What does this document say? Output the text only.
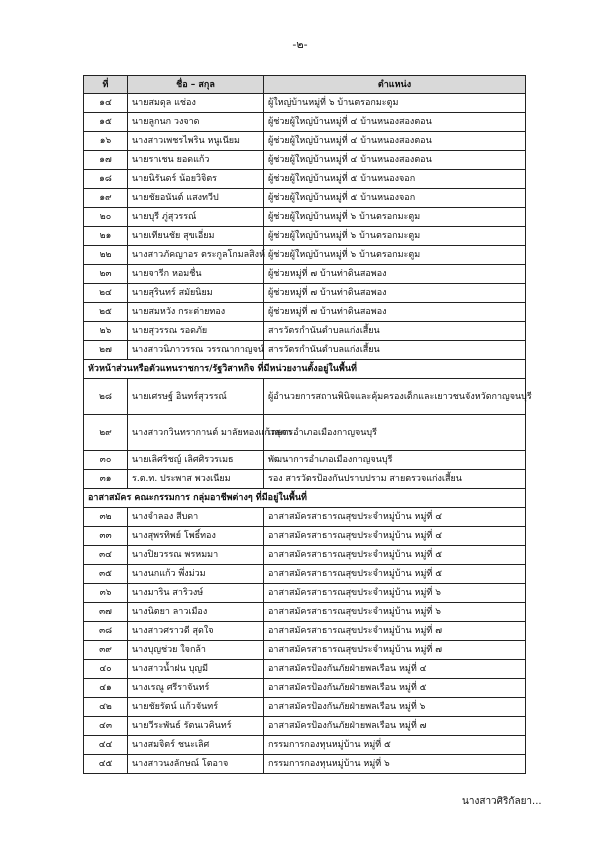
-๒-
ที่	ชื่อ – สกุล	ตำแหน่ง
๑๔	นายสมดุล แช่อง	ผู้ใหญ่บ้านหมู่ที่ ๖ บ้านตรอกมะตูม
๑๕	นายลูกนก วงจาด	ผู้ช่วยผู้ใหญ่บ้านหมู่ที่ ๔ บ้านหนองสองตอน
๑๖	นางสาวเพชรไพริน หนูเนียม	ผู้ช่วยผู้ใหญ่บ้านหมู่ที่ ๔ บ้านหนองสองตอน
๑๗	นายราเชน ยอดแก้ว	ผู้ช่วยผู้ใหญ่บ้านหมู่ที่ ๔ บ้านหนองสองตอน
๑๘	นายนิรันดร์ น้อยวิจิตร	ผู้ช่วยผู้ใหญ่บ้านหมู่ที่ ๕ บ้านหนองจอก
๑๙	นายชัยอนันต์ แสงทวีป	ผู้ช่วยผู้ใหญ่บ้านหมู่ที่ ๕ บ้านหนองจอก
๒๐	นายบุรี ภู่สุวรรณ์	ผู้ช่วยผู้ใหญ่บ้านหมู่ที่ ๖ บ้านตรอกมะตูม
๒๑	นายเทียนชัย สุขเอี่ยม	ผู้ช่วยผู้ใหญ่บ้านหมู่ที่ ๖ บ้านตรอกมะตูม
๒๒	นางสาวภัคญาอร ตระกูลโกมลสิงห์	ผู้ช่วยผู้ใหญ่บ้านหมู่ที่ ๖ บ้านตรอกมะตูม
๒๓	นายจารีก หอมชื่น	ผู้ช่วยหมู่ที่ ๗ บ้านท่าดินสอพอง
๒๔	นายสุรินทร์ สมัยนิยม	ผู้ช่วยหมู่ที่ ๗ บ้านท่าดินสอพอง
๒๕	นายสมหวัง กระต่ายทอง	ผู้ช่วยหมู่ที่ ๗ บ้านท่าดินสอพอง
๒๖	นายสุวรรณ รอดภัย	สารวัตรกำนันตำบลแก่งเสี้ยน
๒๗	นางสาวนิภาวรรณ วรรณากาญจน์	สารวัตรกำนันตำบลแก่งเสี้ยน
หัวหน้าส่วนหรือตัวแทนราชการ/รัฐวิสาหกิจ ที่มีหน่วยงานตั้งอยู่ในพื้นที่		
๒๘	นายเศรษฐ์ อินทร์สุวรรณ์	ผู้อำนวยการสถานพินิจและคุ้มครองเด็กและเยาวชนจังหวัดกาญจนบุรี
๒๙	นางสาวกวินทรากานต์ มาลัยทองแก้วสุภา	เกษตรอำเภอเมืองกาญจนบุรี
๓๐	นายเลิศริชญ์ เลิศศิรวรเมธ	พัฒนาการอำเภอเมืองกาญจนบุรี
๓๑	ร.ต.ท. ประพาส พวงเนียม	รอง สารวัตรป้องกันปราบปราม สายตรวจแก่งเสี้ยน
อาสาสมัคร คณะกรรมการ กลุ่มอาชีพต่างๆ ที่มีอยู่ในพื้นที่		
๓๒	นางจำลอง สีบดา	อาสาสมัครสาธารณสุขประจำหมู่บ้าน หมู่ที่ ๔
๓๓	นางสุพรทิพย์ โพธิ์ทอง	อาสาสมัครสาธารณสุขประจำหมู่บ้าน หมู่ที่ ๔
๓๔	นางปิยวรรณ พรหมมา	อาสาสมัครสาธารณสุขประจำหมู่บ้าน หมู่ที่ ๕
๓๕	นางนกแก้ว พึ่งม่วม	อาสาสมัครสาธารณสุขประจำหมู่บ้าน หมู่ที่ ๕
๓๖	นางมาริน สาริวงษ์	อาสาสมัครสาธารณสุขประจำหมู่บ้าน หมู่ที่ ๖
๓๗	นางนิตยา ลาวเมือง	อาสาสมัครสาธารณสุขประจำหมู่บ้าน หมู่ที่ ๖
๓๘	นางสาวศราวดี สุดใจ	อาสาสมัครสาธารณสุขประจำหมู่บ้าน หมู่ที่ ๗
๓๙	นางบุญช่วย ใจกล้า	อาสาสมัครสาธารณสุขประจำหมู่บ้าน หมู่ที่ ๗
๔๐	นางสาวน้ำฝน บุญมี	อาสาสมัครป้องกันภัยฝ่ายพลเรือน หมู่ที่ ๔
๔๑	นางเรณู ศรีราจันทร์	อาสาสมัครป้องกันภัยฝ่ายพลเรือน หมู่ที่ ๕
๔๒	นายชัยรัตน์ แก้วจันทร์	อาสาสมัครป้องกันภัยฝ่ายพลเรือน หมู่ที่ ๖
๔๓	นายวีระพันธ์ รัตนเวคินทร์	อาสาสมัครป้องกันภัยฝ่ายพลเรือน หมู่ที่ ๗
๔๔	นางสมจิตร์ ชนะเลิศ	กรรมการกองทุนหมู่บ้าน หมู่ที่ ๕
๔๕	นางสาวนงลักษณ์ โตอาจ	กรรมการกองทุนหมู่บ้าน หมู่ที่ ๖
นางสาวศิริกัลยา...
